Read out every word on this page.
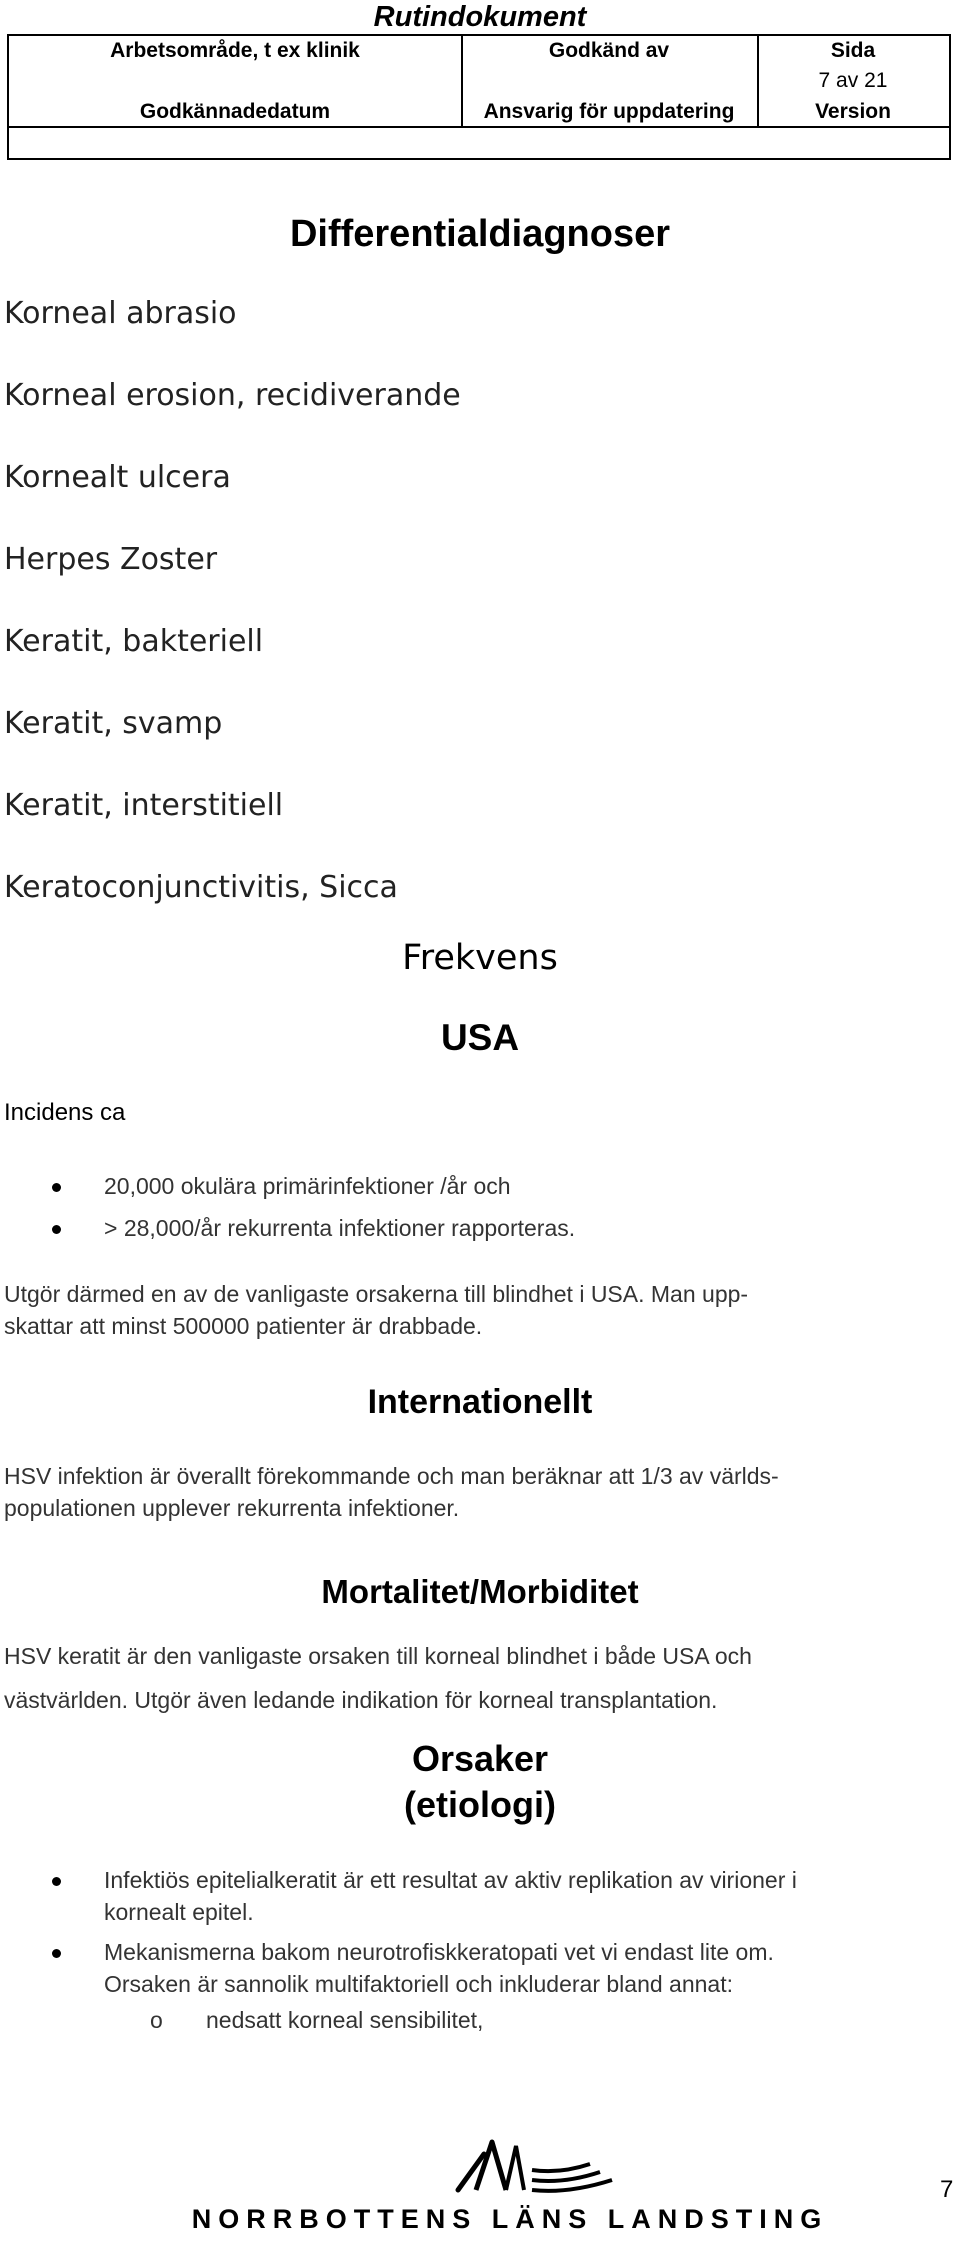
Rutindokument
Arbetsområde, t ex klinik	Godkänd av	Sida
7 av 21
Godkännadedatum	Ansvarig för uppdatering	Version
Differentialdiagnoser
Korneal abrasio
Korneal erosion, recidiverande
Kornealt ulcera
Herpes Zoster
Keratit, bakteriell
Keratit, svamp
Keratit, interstitiell
Keratoconjunctivitis, Sicca
Frekvens
USA
Incidens ca
20,000 okulära primärinfektioner /år och
> 28,000/år rekurrenta infektioner rapporteras.
Utgör därmed en av de vanligaste orsakerna till blindhet i USA. Man upp-
skattar att minst 500000 patienter är drabbade.
Internationellt
HSV infektion är överallt förekommande och man beräknar att 1/3 av världs-
populationen upplever rekurrenta infektioner.
Mortalitet/Morbiditet
HSV keratit är den vanligaste orsaken till korneal blindhet i både USA och
västvärlden. Utgör även ledande indikation för korneal transplantation.
Orsaker
(etiologi)
Infektiös epitelialkeratit är ett resultat av aktiv replikation av virioner i
kornealt epitel.
Mekanismerna bakom neurotrofiskkeratopati vet vi endast lite om.
Orsaken är sannolik multifaktoriell och inkluderar bland annat:
o nedsatt korneal sensibilitet,
NORRBOTTENS LÄNS LANDSTING
7
